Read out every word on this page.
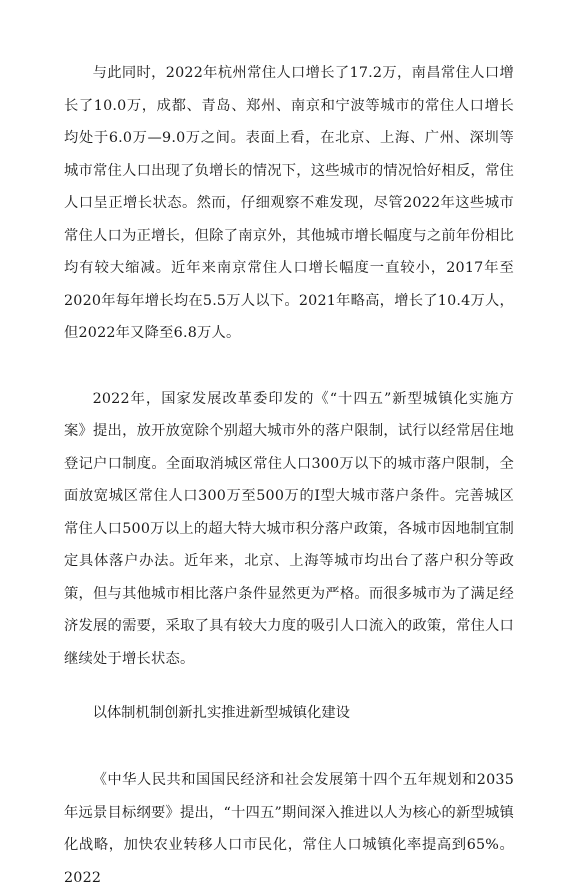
与此同时，2022年杭州常住人口增长了17.2万，南昌常住人口增长了10.0万，成都、青岛、郑州、南京和宁波等城市的常住人口增长均处于6.0万—9.0万之间。表面上看，在北京、上海、广州、深圳等城市常住人口出现了负增长的情况下，这些城市的情况恰好相反，常住人口呈正增长状态。然而，仔细观察不难发现，尽管2022年这些城市常住人口为正增长，但除了南京外，其他城市增长幅度与之前年份相比均有较大缩减。近年来南京常住人口增长幅度一直较小，2017年至2020年每年增长均在5.5万人以下。2021年略高，增长了10.4万人，但2022年又降至6.8万人。

2022年，国家发展改革委印发的《“十四五”新型城镇化实施方案》提出，放开放宽除个别超大城市外的落户限制，试行以经常居住地登记户口制度。全面取消城区常住人口300万以下的城市落户限制，全面放宽城区常住人口300万至500万的Ⅰ型大城市落户条件。完善城区常住人口500万以上的超大特大城市积分落户政策，各城市因地制宜制定具体落户办法。近年来，北京、上海等城市均出台了落户积分等政策，但与其他城市相比落户条件显然更为严格。而很多城市为了满足经济发展的需要，采取了具有较大力度的吸引人口流入的政策，常住人口继续处于增长状态。

以体制机制创新扎实推进新型城镇化建设

《中华人民共和国国民经济和社会发展第十四个五年规划和2035年远景目标纲要》提出，“十四五”期间深入推进以人为核心的新型城镇化战略，加快农业转移人口市民化，常住人口城镇化率提高到65%。2022
